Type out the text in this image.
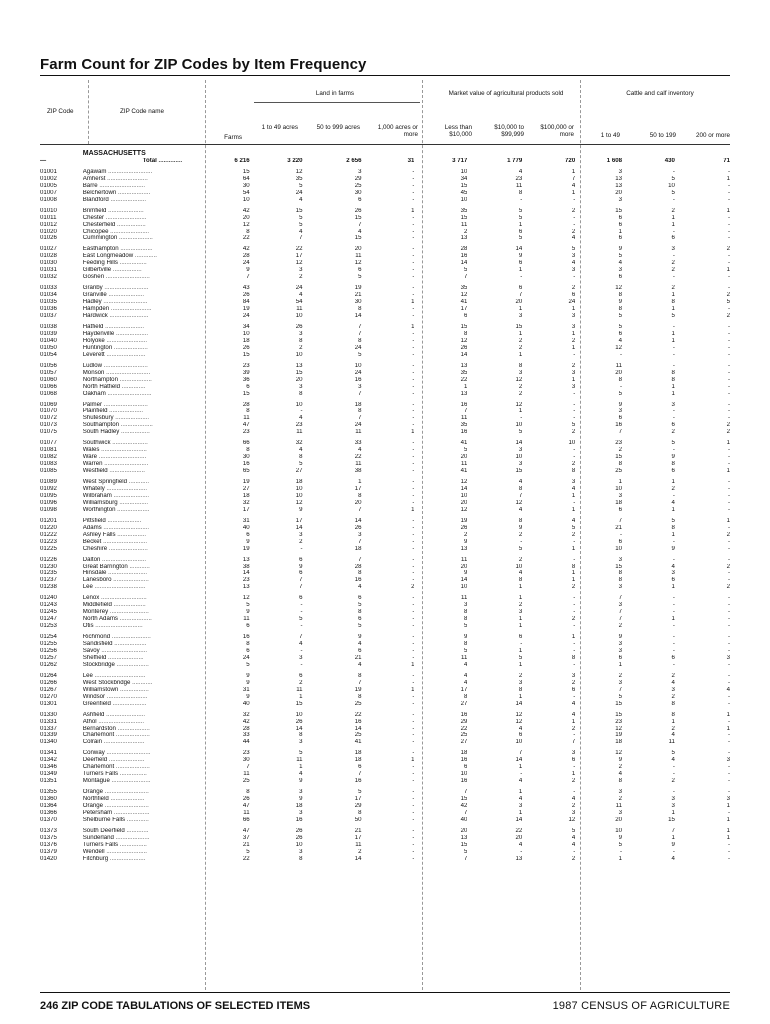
Farm Count for ZIP Codes by Item Frequency
ZIP Code	ZIP Code name
Farms
Land in farms
1 to 49 acres	50 to 999 acres	1,000 acres or more
Market value of agricultural products sold
Less than $10,000
$10,000 to $99,999
$100,000 or more
Cattle and calf inventory
1 to 49	50 to 199	200 or more
	MASSACHUSETTS										
—	Total ..............	6 216	3 220	2 656	31	3 717	1 779	720	1 608	430	71

01001	Agawam ..........................	15	12	3	-	10	4	1	3	-	-
01002	Amherst ........................	64	35	29	-	34	23	7	13	5	1
01005	Barre ...........................	30	5	25	-	15	11	4	13	10	-
01007	Belchertown ...................	54	24	30	-	45	8	1	20	5	-
01008	Blandford .....................	10	4	6	-	10	-	-	3	-	-

01010	Brimfield .....................	42	15	26	1	35	5	2	15	2	1
01011	Chester ........................	20	5	15	-	15	5	-	6	1	-
01012	Chesterfield .................	12	5	7	-	11	1	-	6	1	-
01020	Chicopee .......................	8	4	4	-	2	6	2	1	-	-
01026	Cummington ....................	22	7	15	-	13	5	4	6	6	-

01027	Easthampton ...................	42	22	20	-	28	14	5	9	3	2
01028	East Longmeadow .............	28	17	11	-	16	9	3	5	-	-
01030	Feeding Hills ................	24	12	12	-	14	6	4	4	2	-
01031	Gilbertville .................	9	3	6	-	5	1	3	3	2	1
01032	Goshen ..........................	7	2	5	-	7	-	-	6	-	-

01033	Granby ..........................	43	24	19	-	35	6	2	12	2	-
01034	Granville .....................	26	4	21	-	12	7	6	8	1	2
01035	Hadley ..........................	84	54	30	1	41	20	24	9	8	5
01036	Hampden ........................	19	11	8	-	17	1	1	8	1	-
01037	Hardwick .......................	24	10	14	-	6	3	3	5	5	2

01038	Hatfield .......................	34	26	7	1	15	15	3	5	-	-
01039	Haydenville ...................	10	3	7	-	8	1	1	6	1	-
01040	Holyoke ........................	18	8	8	-	12	2	2	4	1	-
01050	Huntington ....................	26	2	24	-	26	2	1	12	-	-
01054	Leverett .......................	15	10	5	-	14	1	-	-	-	-

01056	Ludlow ..........................	23	13	10	-	13	8	2	11	-	-
01057	Monson ..........................	39	15	24	-	35	3	3	20	8	-
01060	Northampton ...................	36	20	16	-	22	12	1	8	8	-
01066	North Hatfield ..............	6	3	3	-	1	2	3	-	1	-
01068	Oakham ..........................	15	8	7	-	13	2	-	5	1	-

01069	Palmer ..........................	28	10	18	-	16	12	-	9	3	-
01070	Plainfield ....................	8	-	8	-	7	1	-	3	-	-
01072	Shutesbury ....................	11	4	7	-	11	-	-	6	-	-
01073	Southampton ...................	47	23	24	-	35	10	5	16	6	2
01075	South Hadley .................	23	11	11	1	16	5	2	7	2	2

01077	Southwick .....................	66	32	33	-	41	14	10	23	5	1
01081	Wales ...........................	8	4	4	-	5	3	-	2	-	-
01082	Ware ............................	30	8	22	-	20	10	-	15	9	-
01083	Warren ..........................	16	5	11	-	11	3	2	8	8	-
01085	Westfield .....................	65	27	38	-	41	15	8	25	6	1

01089	West Springfield ............	19	18	1	-	12	4	3	1	1	-
01092	Whately ........................	27	10	17	-	14	8	4	10	2	-
01095	Wilbraham .....................	18	10	8	-	10	7	1	3	-	-
01096	Williamsburg .................	32	12	20	-	20	12	-	18	4	-
01098	Worthington ...................	17	9	7	1	12	4	1	6	1	-

01201	Pittsfield ....................	31	17	14	-	19	8	4	7	5	1
01220	Adams ...........................	40	14	26	-	26	9	5	21	8	-
01222	Ashley Falls .................	6	3	3	-	2	2	2	-	1	2
01223	Becket ..........................	9	2	7	-	9	-	-	6	-	-
01225	Cheshire .......................	19	-	18	-	13	5	1	10	9	-

01226	Dalton ..........................	13	6	7	-	11	2	-	3	-	-
01230	Great Barrington ............	38	9	28	-	20	10	8	15	4	2
01235	Hinsdale .......................	14	6	8	-	9	4	1	8	3	-
01237	Lanesboro .....................	23	7	16	-	14	8	1	8	6	-
01238	Lee ..............................	13	7	4	2	10	1	2	3	1	2

01240	Lenox ...........................	12	6	6	-	11	1	-	7	-	-
01243	Middlefield ...................	5	-	5	-	3	2	-	3	-	-
01245	Monterey .......................	9	-	8	-	8	3	-	7	-	-
01247	North Adams ...................	11	5	6	-	8	1	2	7	1	-
01253	Otis ............................	6	-	5	-	5	1	-	2	-	-

01254	Richmond .......................	16	7	9	-	9	6	1	9	-	-
01255	Sandisfield ...................	8	4	4	-	8	-	-	3	-	-
01256	Savoy ...........................	6	-	6	-	5	1	-	3	-	-
01257	Sheffield .....................	24	3	21	-	11	5	8	6	6	3
01262	Stockbridge ...................	5	-	4	1	4	1	-	1	-	-

01264	Lee ..............................	9	6	8	-	4	2	3	2	2	-
01266	West Stockbridge ............	9	2	7	-	4	3	2	3	4	-
01267	Williamstown .................	31	11	19	1	17	8	6	7	3	4
01270	Windsor ........................	9	1	8	-	8	1	-	5	2	-
01301	Greenfield ....................	40	15	25	-	27	14	4	15	8	-

01330	Ashfield .......................	32	10	22	-	16	12	4	15	8	1
01331	Athol ...........................	42	26	16	-	29	12	1	23	1	-
01337	Bernardston ...................	28	14	14	-	22	4	2	12	2	1
01339	Charlemont ....................	33	8	25	-	25	6	-	19	4	-
01340	Colrain ........................	44	3	41	-	27	10	7	18	11	-

01341	Conway ..........................	23	5	18	-	18	7	3	12	5	-
01342	Deerfield .....................	30	11	18	1	16	14	6	9	4	3
01346	Charlemont ....................	7	1	6	-	6	1	-	2	-	-
01349	Turners Falls ................	11	4	7	-	10	-	1	4	-	-
01351	Montague .......................	25	9	16	-	16	4	2	8	2	-

01355	Orange ..........................	8	3	5	-	7	1	-	3	-	-
01360	Northfield ....................	26	9	17	-	15	4	4	2	3	3
01364	Orange ..........................	47	18	29	-	42	3	2	11	3	1
01366	Petersham .....................	11	3	8	-	7	1	3	3	1	-
01370	Shelburne Falls .............	66	16	50	-	40	14	12	20	15	1

01373	South Deerfield .............	47	26	21	-	20	22	5	10	7	1
01375	Sunderland ....................	37	26	17	-	13	20	4	9	1	1
01376	Turners Falls ................	21	10	11	-	15	4	4	5	9	-
01379	Wendell ........................	5	3	2	-	5	-	-	-	-	-
01420	Fitchburg .....................	22	8	14	-	7	13	2	1	4	-
246 ZIP CODE TABULATIONS OF SELECTED ITEMS	1987 CENSUS OF AGRICULTURE
